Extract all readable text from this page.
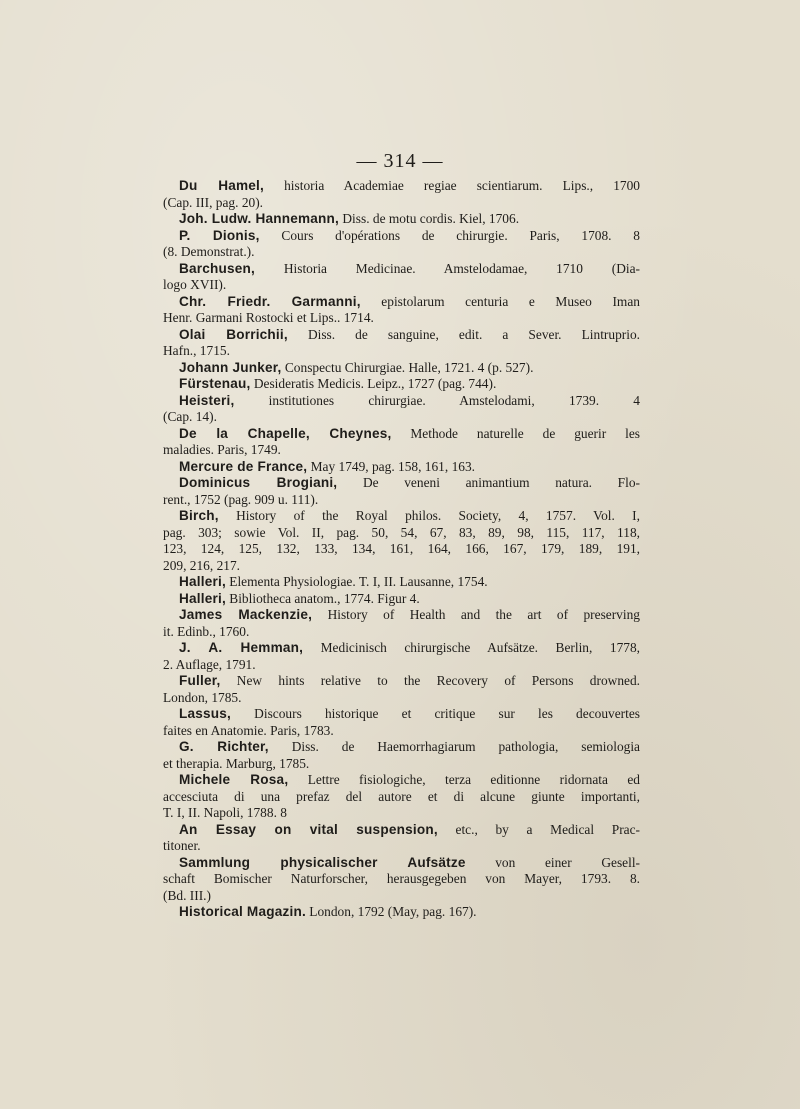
— 314 —
Du Hamel, historia Academiae regiae scientiarum. Lips., 1700
(Cap. III, pag. 20).
Joh. Ludw. Hannemann, Diss. de motu cordis. Kiel, 1706.
P. Dionis, Cours d'opérations de chirurgie. Paris, 1708. 8
(8. Demonstrat.).
Barchusen, Historia Medicinae. Amstelodamae, 1710 (Dia-
logo XVII).
Chr. Friedr. Garmanni, epistolarum centuria e Museo Iman
Henr. Garmani Rostocki et Lips.. 1714.
Olai Borrichii, Diss. de sanguine, edit. a Sever. Lintruprio.
Hafn., 1715.
Johann Junker, Conspectu Chirurgiae. Halle, 1721. 4 (p. 527).
Fürstenau, Desideratis Medicis. Leipz., 1727 (pag. 744).
Heisteri, institutiones chirurgiae. Amstelodami, 1739. 4
(Cap. 14).
De la Chapelle, Cheynes, Methode naturelle de guerir les
maladies. Paris, 1749.
Mercure de France, May 1749, pag. 158, 161, 163.
Dominicus Brogiani, De veneni animantium natura. Flo-
rent., 1752 (pag. 909 u. 111).
Birch, History of the Royal philos. Society, 4, 1757. Vol. I,
pag. 303; sowie Vol. II, pag. 50, 54, 67, 83, 89, 98, 115, 117, 118,
123, 124, 125, 132, 133, 134, 161, 164, 166, 167, 179, 189, 191,
209, 216, 217.
Halleri, Elementa Physiologiae. T. I, II. Lausanne, 1754.
Halleri, Bibliotheca anatom., 1774. Figur 4.
James Mackenzie, History of Health and the art of preserving
it. Edinb., 1760.
J. A. Hemman, Medicinisch chirurgische Aufsätze. Berlin, 1778,
2. Auflage, 1791.
Fuller, New hints relative to the Recovery of Persons drowned.
London, 1785.
Lassus, Discours historique et critique sur les decouvertes
faites en Anatomie. Paris, 1783.
G. Richter, Diss. de Haemorrhagiarum pathologia, semiologia
et therapia. Marburg, 1785.
Michele Rosa, Lettre fisiologiche, terza editionne ridornata ed
accesciuta di una prefaz del autore et di alcune giunte importanti,
T. I, II. Napoli, 1788. 8
An Essay on vital suspension, etc., by a Medical Prac-
titoner.
Sammlung physicalischer Aufsätze von einer Gesell-
schaft Bomischer Naturforscher, herausgegeben von Mayer, 1793. 8.
(Bd. III.)
Historical Magazin. London, 1792 (May, pag. 167).
